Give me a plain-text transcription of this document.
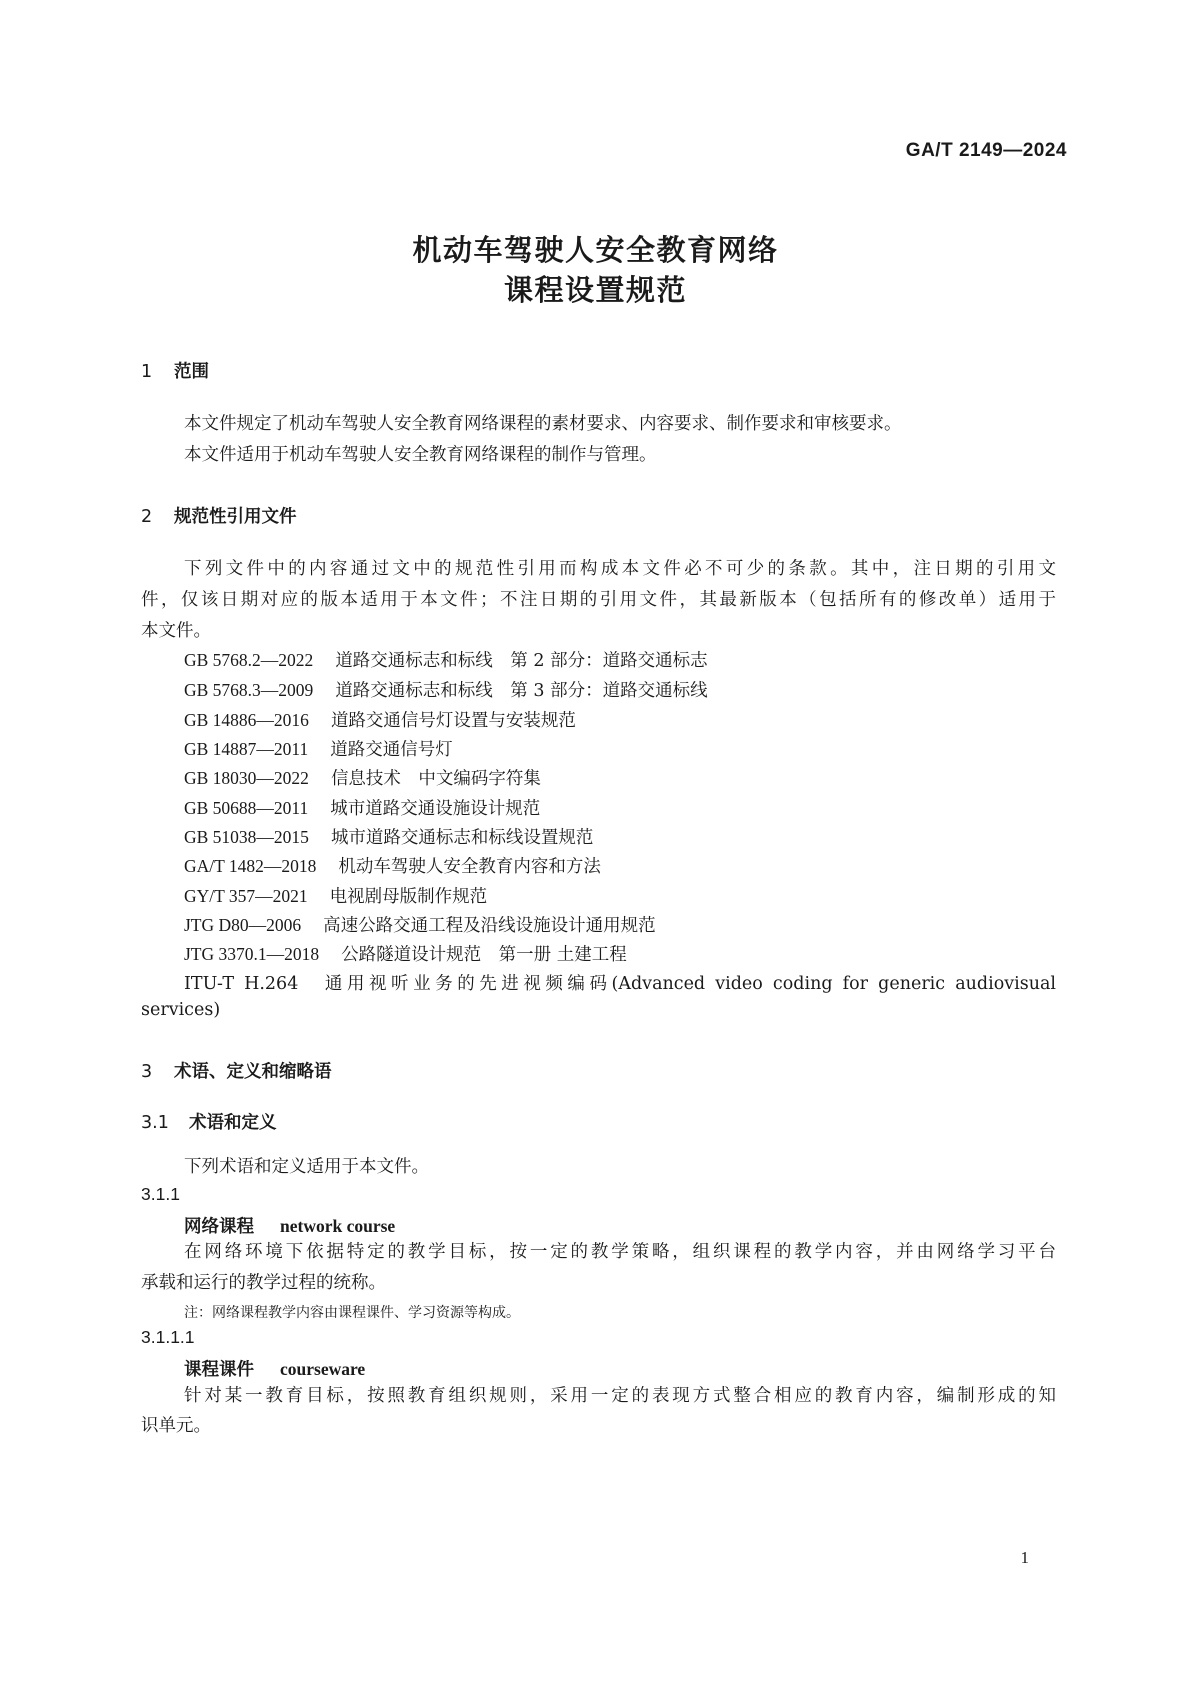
GA/T 2149—2024
机动车驾驶人安全教育网络
课程设置规范
1 范围
本文件规定了机动车驾驶人安全教育网络课程的素材要求、内容要求、制作要求和审核要求。
本文件适用于机动车驾驶人安全教育网络课程的制作与管理。
2 规范性引用文件
下列文件中的内容通过文中的规范性引用而构成本文件必不可少的条款。其中，注日期的引用文
件，仅该日期对应的版本适用于本文件；不注日期的引用文件，其最新版本（包括所有的修改单）适用于
本文件。
GB 5768.2—2022 道路交通标志和标线　第 2 部分：道路交通标志
GB 5768.3—2009 道路交通标志和标线　第 3 部分：道路交通标线
GB 14886—2016 道路交通信号灯设置与安装规范
GB 14887—2011 道路交通信号灯
GB 18030—2022 信息技术　中文编码字符集
GB 50688—2011 城市道路交通设施设计规范
GB 51038—2015 城市道路交通标志和标线设置规范
GA/T 1482—2018 机动车驾驶人安全教育内容和方法
GY/T 357—2021 电视剧母版制作规范
JTG D80—2006 高速公路交通工程及沿线设施设计通用规范
JTG 3370.1—2018 公路隧道设计规范　第一册 土建工程
ITU-T H.264　通用视听业务的先进视频编码(Advanced video coding for generic audiovisual
services)
3 术语、定义和缩略语
3.1 术语和定义
下列术语和定义适用于本文件。
3.1.1
网络课程 network course
在网络环境下依据特定的教学目标，按一定的教学策略，组织课程的教学内容，并由网络学习平台
承载和运行的教学过程的统称。
注：网络课程教学内容由课程课件、学习资源等构成。
3.1.1.1
课程课件 courseware
针对某一教育目标，按照教育组织规则，采用一定的表现方式整合相应的教育内容，编制形成的知
识单元。
1
